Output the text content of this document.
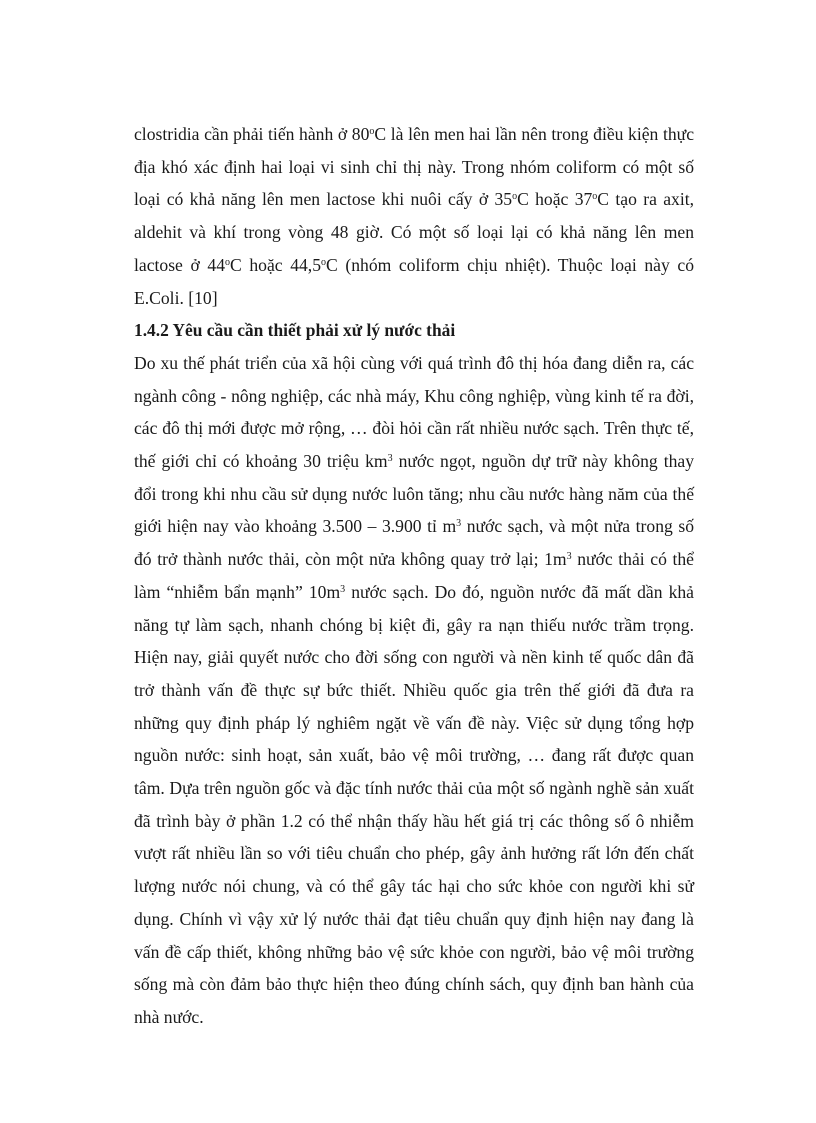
clostridia cần phải tiến hành ở 80$^o$C là lên men hai lần nên trong điều kiện thực địa khó xác định hai loại vi sinh chỉ thị này. Trong nhóm coliform có một số loại có khả năng lên men lactose khi nuôi cấy ở 35$^o$C hoặc 37$^o$C tạo ra axit, aldehit và khí trong vòng 48 giờ. Có một số loại lại có khả năng lên men lactose ở 44$^o$C hoặc 44,5$^o$C (nhóm coliform chịu nhiệt). Thuộc loại này có E.Coli. [10]

1.4.2 Yêu cầu cần thiết phải xử lý nước thải

Do xu thế phát triển của xã hội cùng với quá trình đô thị hóa đang diễn ra, các ngành công - nông nghiệp, các nhà máy, Khu công nghiệp, vùng kinh tế ra đời, các đô thị mới được mở rộng, … đòi hỏi cần rất nhiều nước sạch. Trên thực tế, thế giới chỉ có khoảng 30 triệu $km^3$ nước ngọt, nguồn dự trữ này không thay đổi trong khi nhu cầu sử dụng nước luôn tăng; nhu cầu nước hàng năm của thế giới hiện nay vào khoảng 3.500 – 3.900 tỉ $m^3$ nước sạch, và một nửa trong số đó trở thành nước thải, còn một nửa không quay trở lại; $1m^3$ nước thải có thể làm “nhiễm bẩn mạnh” $10m^3$ nước sạch. Do đó, nguồn nước đã mất dần khả năng tự làm sạch, nhanh chóng bị kiệt đi, gây ra nạn thiếu nước trầm trọng. Hiện nay, giải quyết nước cho đời sống con người và nền kinh tế quốc dân đã trở thành vấn đề thực sự bức thiết. Nhiều quốc gia trên thế giới đã đưa ra những quy định pháp lý nghiêm ngặt về vấn đề này. Việc sử dụng tổng hợp nguồn nước: sinh hoạt, sản xuất, bảo vệ môi trường, … đang rất được quan tâm. Dựa trên nguồn gốc và đặc tính nước thải của một số ngành nghề sản xuất đã trình bày ở phần 1.2 có thể nhận thấy hầu hết giá trị các thông số ô nhiễm vượt rất nhiều lần so với tiêu chuẩn cho phép, gây ảnh hưởng rất lớn đến chất lượng nước nói chung, và có thể gây tác hại cho sức khỏe con người khi sử dụng. Chính vì vậy xử lý nước thải đạt tiêu chuẩn quy định hiện nay đang là vấn đề cấp thiết, không những bảo vệ sức khỏe con người, bảo vệ môi trường sống mà còn đảm bảo thực hiện theo đúng chính sách, quy định ban hành của nhà nước.
